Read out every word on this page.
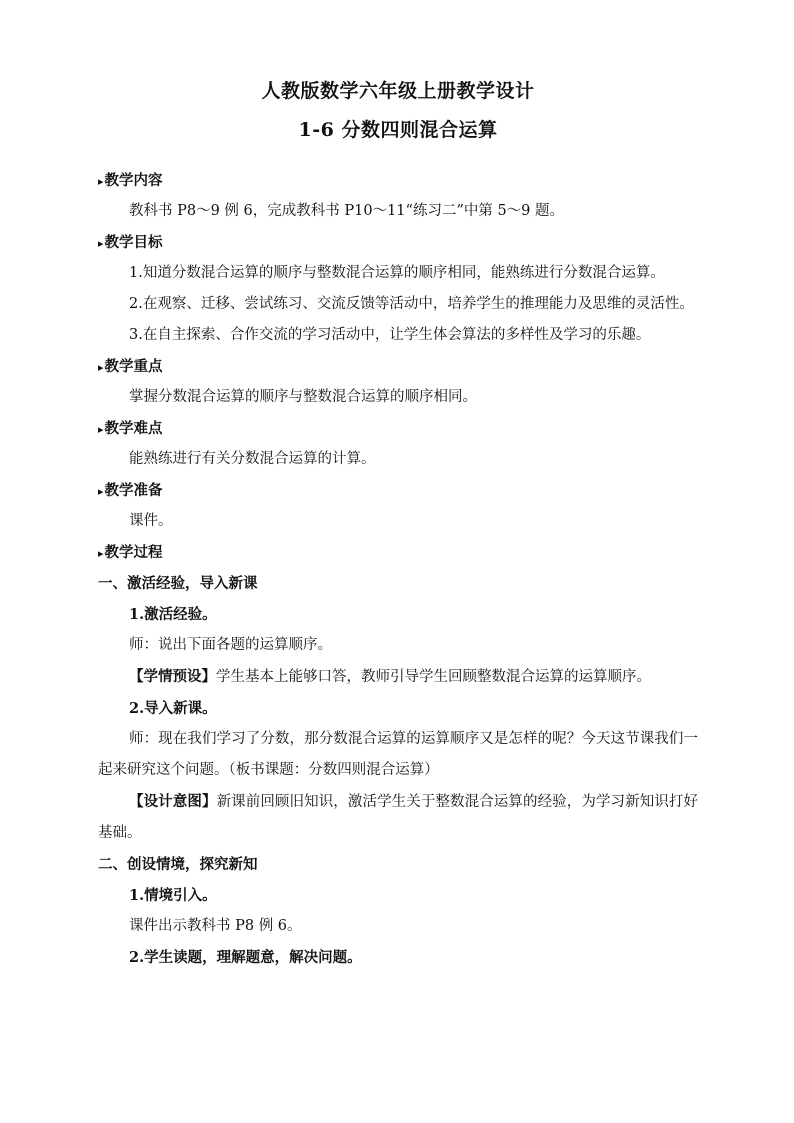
人教版数学六年级上册教学设计
1-6 分数四则混合运算
▸ 教学内容
教科书 P8～9 例 6，完成教科书 P10～11“练习二”中第 5～9 题。
▸ 教学目标

1.知道分数混合运算的顺序与整数混合运算的顺序相同，能熟练进行分数混合运算。

2.在观察、迁移、尝试练习、交流反馈等活动中，培养学生的推理能力及思维的灵活性。

3.在自主探索、合作交流的学习活动中，让学生体会算法的多样性及学习的乐趣。

▸ 教学重点
掌握分数混合运算的顺序与整数混合运算的顺序相同。
▸ 教学难点
能熟练进行有关分数混合运算的计算。
▸ 教学准备
课件。
▸ 教学过程
一、激活经验，导入新课
1.激活经验。
师：说出下面各题的运算顺序。

【学情预设】学生基本上能够口答，教师引导学生回顾整数混合运算的运算顺序。

2.导入新课。

师：现在我们学习了分数，那分数混合运算的运算顺序又是怎样的呢？今天这节课我们一起来研究这个问题。（板书课题：分数四则混合运算）

【设计意图】新课前回顾旧知识，激活学生关于整数混合运算的经验，为学习新知识打好基础。

二、创设情境，探究新知
1.情境引入。
课件出示教科书 P8 例 6。
2.学生读题，理解题意，解决问题。
